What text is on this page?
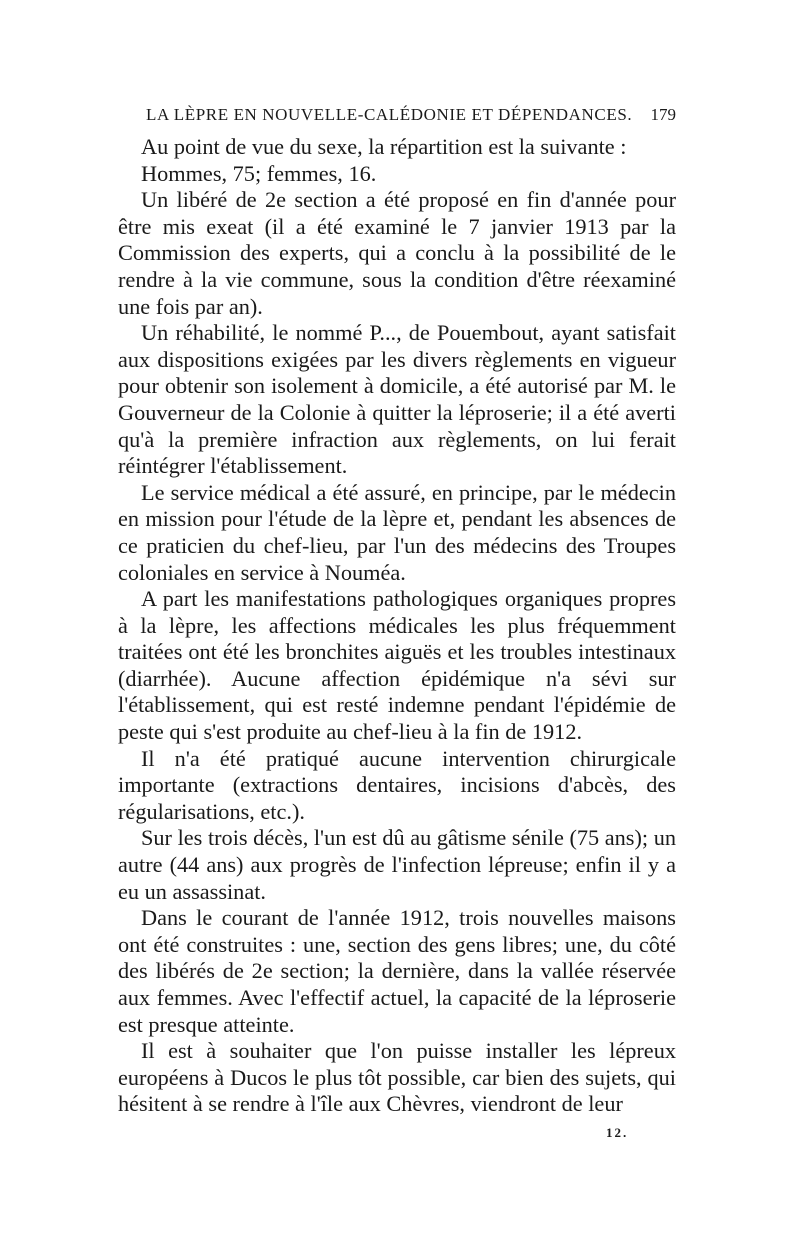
LA LÈPRE EN NOUVELLE-CALÉDONIE ET DÉPENDANCES. 179

Au point de vue du sexe, la répartition est la suivante :

Hommes, 75; femmes, 16.

Un libéré de 2e section a été proposé en fin d'année pour être mis exeat (il a été examiné le 7 janvier 1913 par la Commission des experts, qui a conclu à la possibilité de le rendre à la vie commune, sous la condition d'être réexaminé une fois par an).

Un réhabilité, le nommé P..., de Pouembout, ayant satisfait aux dispositions exigées par les divers règlements en vigueur pour obtenir son isolement à domicile, a été autorisé par M. le Gouverneur de la Colonie à quitter la léproserie; il a été averti qu'à la première infraction aux règlements, on lui ferait réintégrer l'établissement.

Le service médical a été assuré, en principe, par le médecin en mission pour l'étude de la lèpre et, pendant les absences de ce praticien du chef-lieu, par l'un des médecins des Troupes coloniales en service à Nouméa.

A part les manifestations pathologiques organiques propres à la lèpre, les affections médicales les plus fréquemment traitées ont été les bronchites aiguës et les troubles intestinaux (diarrhée). Aucune affection épidémique n'a sévi sur l'établissement, qui est resté indemne pendant l'épidémie de peste qui s'est produite au chef-lieu à la fin de 1912.

Il n'a été pratiqué aucune intervention chirurgicale importante (extractions dentaires, incisions d'abcès, des régularisations, etc.).

Sur les trois décès, l'un est dû au gâtisme sénile (75 ans); un autre (44 ans) aux progrès de l'infection lépreuse; enfin il y a eu un assassinat.

Dans le courant de l'année 1912, trois nouvelles maisons ont été construites : une, section des gens libres; une, du côté des libérés de 2e section; la dernière, dans la vallée réservée aux femmes. Avec l'effectif actuel, la capacité de la léproserie est presque atteinte.

Il est à souhaiter que l'on puisse installer les lépreux européens à Ducos le plus tôt possible, car bien des sujets, qui hésitent à se rendre à l'île aux Chèvres, viendront de leur

12.
